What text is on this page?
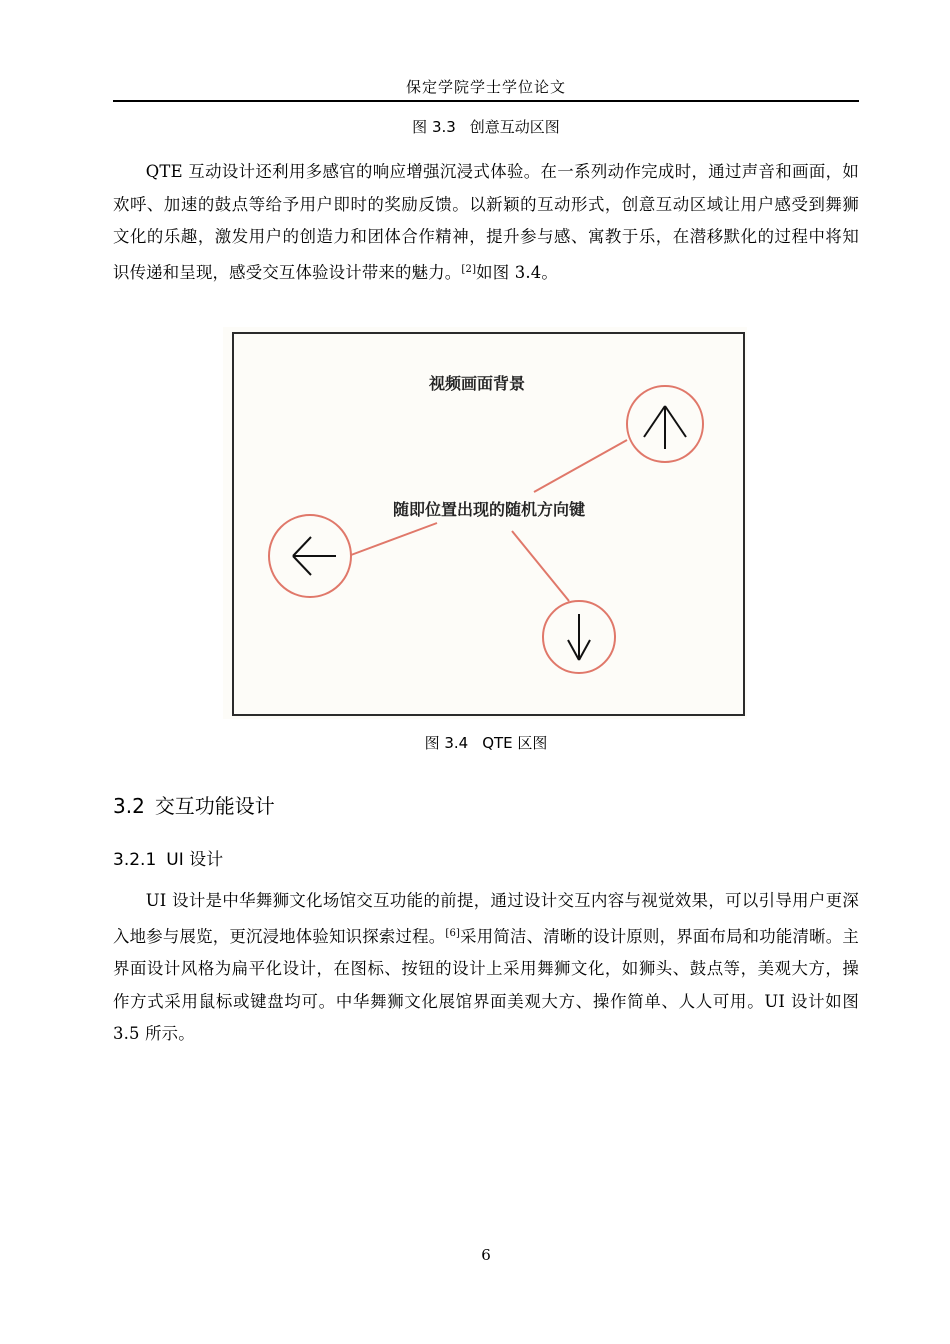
保定学院学士学位论文
图 3.3 创意互动区图

QTE 互动设计还利用多感官的响应增强沉浸式体验。在一系列动作完成时，通过声音和画面，如欢呼、加速的鼓点等给予用户即时的奖励反馈。以新颖的互动形式，创意互动区域让用户感受到舞狮文化的乐趣，激发用户的创造力和团体合作精神，提升参与感、寓教于乐，在潜移默化的过程中将知识传递和呈现，感受交互体验设计带来的魅力。[2]如图 3.4。

视频画面背景
随即位置出现的随机方向键
图 3.4 QTE 区图
3.2 交互功能设计
3.2.1 UI 设计

UI 设计是中华舞狮文化场馆交互功能的前提，通过设计交互内容与视觉效果，可以引导用户更深入地参与展览，更沉浸地体验知识探索过程。[6]采用简洁、清晰的设计原则，界面布局和功能清晰。主界面设计风格为扁平化设计，在图标、按钮的设计上采用舞狮文化，如狮头、鼓点等，美观大方，操作方式采用鼠标或键盘均可。中华舞狮文化展馆界面美观大方、操作简单、人人可用。UI 设计如图 3.5 所示。

6
